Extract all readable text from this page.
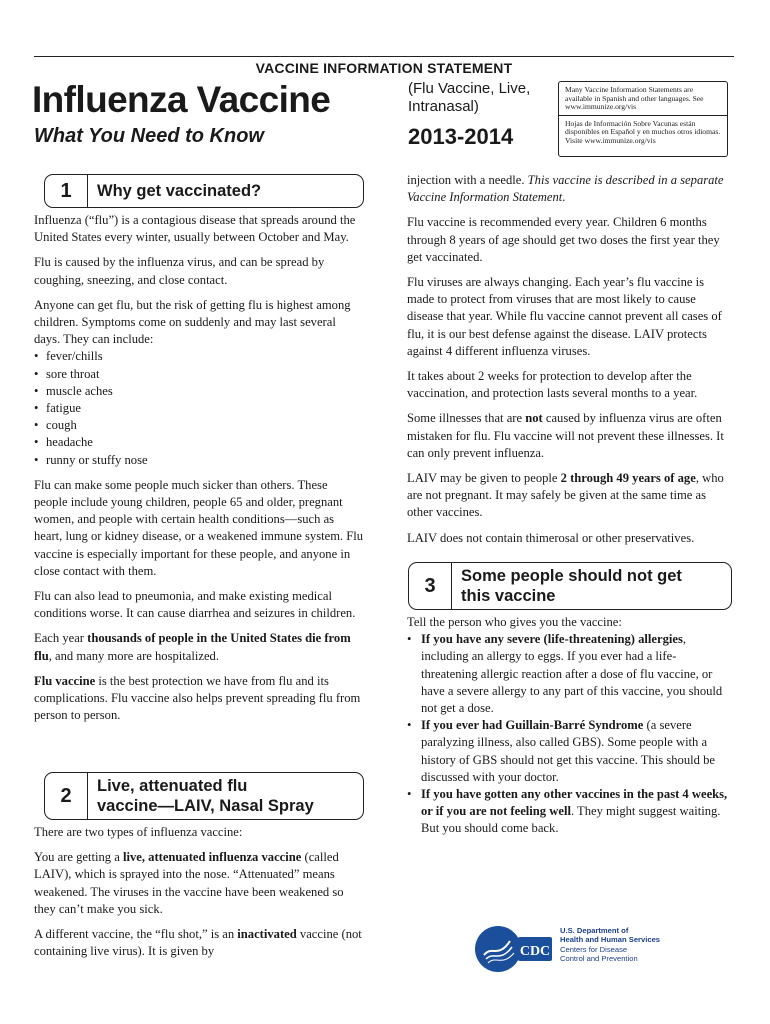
VACCINE INFORMATION STATEMENT
Influenza Vaccine
What You Need to Know
(Flu Vaccine, Live,
Intranasal)
2013-2014

Many Vaccine Information Statements are available in Spanish and other languages. See www.immunize.org/vis

Hojas de Información Sobre Vacunas están disponibles en Español y en muchos otros idiomas. Visite www.immunize.org/vis

1	Why get vaccinated?

Influenza (“flu”) is a contagious disease that spreads around the United States every winter, usually between October and May.

Flu is caused by the influenza virus, and can be spread by coughing, sneezing, and close contact.

Anyone can get flu, but the risk of getting flu is highest among children. Symptoms come on suddenly and may last several days. They can include:

• fever/chills
• sore throat
• muscle aches
• fatigue
• cough
• headache
• runny or stuffy nose

Flu can make some people much sicker than others. These people include young children, people 65 and older, pregnant women, and people with certain health conditions—such as heart, lung or kidney disease, or a weakened immune system. Flu vaccine is especially important for these people, and anyone in close contact with them.

Flu can also lead to pneumonia, and make existing medical conditions worse. It can cause diarrhea and seizures in children.

Each year thousands of people in the United States die from flu, and many more are hospitalized.

Flu vaccine is the best protection we have from flu and its complications. Flu vaccine also helps prevent spreading flu from person to person.

2	Live, attenuated flu
vaccine—LAIV, Nasal Spray

There are two types of influenza vaccine:

You are getting a live, attenuated influenza vaccine (called LAIV), which is sprayed into the nose. “Attenuated” means weakened. The viruses in the vaccine have been weakened so they can’t make you sick.

A different vaccine, the “flu shot,” is an inactivated vaccine (not containing live virus). It is given by

injection with a needle. This vaccine is described in a separate Vaccine Information Statement.

Flu vaccine is recommended every year. Children 6 months through 8 years of age should get two doses the first year they get vaccinated.

Flu viruses are always changing. Each year’s flu vaccine is made to protect from viruses that are most likely to cause disease that year. While flu vaccine cannot prevent all cases of flu, it is our best defense against the disease. LAIV protects against 4 different influenza viruses.

It takes about 2 weeks for protection to develop after the vaccination, and protection lasts several months to a year.

Some illnesses that are not caused by influenza virus are often mistaken for flu. Flu vaccine will not prevent these illnesses. It can only prevent influenza.

LAIV may be given to people 2 through 49 years of age, who are not pregnant. It may safely be given at the same time as other vaccines.

LAIV does not contain thimerosal or other preservatives.

3	Some people should not get
this vaccine

Tell the person who gives you the vaccine:

• If you have any severe (life-threatening) allergies, including an allergy to eggs. If you ever had a life-threatening allergic reaction after a dose of flu vaccine, or have a severe allergy to any part of this vaccine, you should not get a dose.
• If you ever had Guillain-Barré Syndrome (a severe paralyzing illness, also called GBS). Some people with a history of GBS should not get this vaccine. This should be discussed with your doctor.
• If you have gotten any other vaccines in the past 4 weeks, or if you are not feeling well. They might suggest waiting. But you should come back.
CDC
U.S. Department of
Health and Human Services
Centers for Disease
Control and Prevention
